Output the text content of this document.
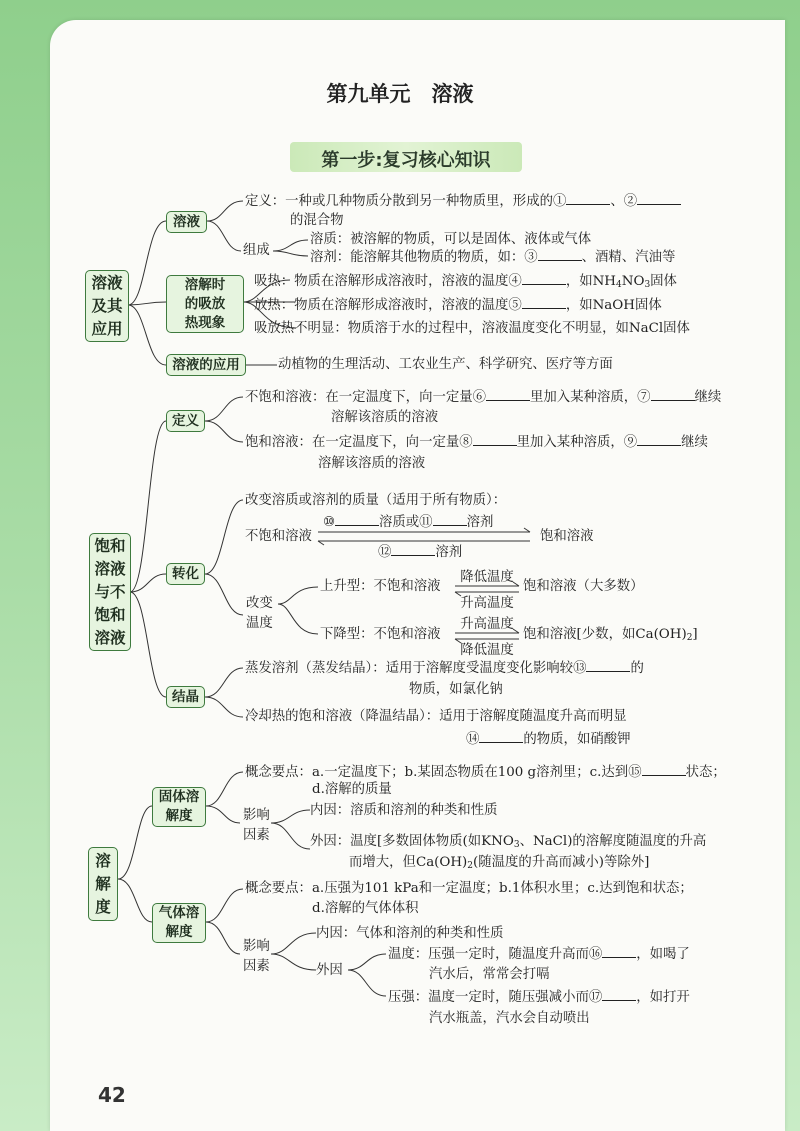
第九单元　溶液
第一步:复习核心知识
溶液
及其
应用
溶液
定义：一种或几种物质分散到另一种物质里，形成的①	、②
的混合物
组成
溶质：被溶解的物质，可以是固体、液体或气体
溶剂：能溶解其他物质的物质，如：③	、酒精、汽油等
溶解时
的吸放
热现象
吸热：物质在溶解形成溶液时，溶液的温度④	，如$NH_4NO_3$固体
放热：物质在溶解形成溶液时，溶液的温度⑤	，如NaOH固体
吸放热不明显：物质溶于水的过程中，溶液温度变化不明显，如NaCl固体
溶液的应用	动植物的生理活动、工农业生产、科学研究、医疗等方面
饱和
溶液
与不
饱和
溶液
定义
不饱和溶液：在一定温度下，向一定量⑥	里加入某种溶质，⑦	继续
溶解该溶质的溶液
饱和溶液：在一定温度下，向一定量⑧	里加入某种溶质，⑨	继续
溶解该溶质的溶液
转化
改变溶质或溶剂的质量（适用于所有物质）：
不饱和溶液
⑩	溶质或⑪	溶剂
⑫	溶剂
饱和溶液
改变
温度
上升型：不饱和溶液
降低温度
升高温度
饱和溶液（大多数）
下降型：不饱和溶液
升高温度
降低温度
饱和溶液[少数，如$Ca(OH)_2$]
结晶
蒸发溶剂（蒸发结晶）：适用于溶解度受温度变化影响较⑬	的
物质，如氯化钠
冷却热的饱和溶液（降温结晶）：适用于溶解度随温度升高而明显
⑭	的物质，如硝酸钾
溶
解
度
固体溶
解度
概念要点：a.一定温度下；b.某固态物质在100 g溶剂里；c.达到⑮	状态；
d.溶解的质量
影响
因素
内因：溶质和溶剂的种类和性质
外因：温度[多数固体物质(如$KNO_3$、NaCl)的溶解度随温度的升高
而增大，但$Ca(OH)_2$(随温度的升高而减小)等除外]
气体溶
解度
概念要点：a.压强为101 kPa和一定温度；b.1体积水里；c.达到饱和状态；
d.溶解的气体体积
影响
因素
内因：气体和溶剂的种类和性质
外因
温度：压强一定时，随温度升高而⑯	，如喝了
汽水后，常常会打嗝
压强：温度一定时，随压强减小而⑰	，如打开
汽水瓶盖，汽水会自动喷出
42
